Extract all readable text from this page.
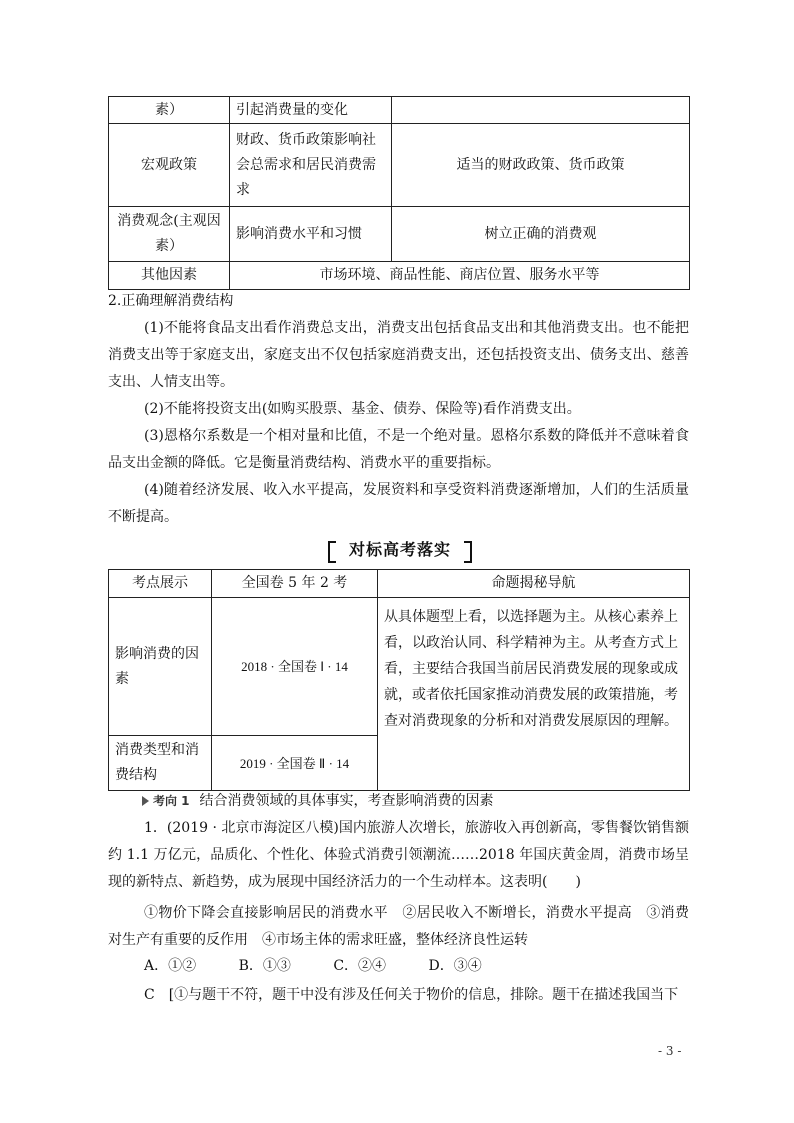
素）	引起消费量的变化	
宏观政策	财政、货币政策影响社会总需求和居民消费需求	适当的财政政策、货币政策
消费观念(主观因素）	影响消费水平和习惯	树立正确的消费观
其他因素	市场环境、商品性能、商店位置、服务水平等	
2.正确理解消费结构
(1)不能将食品支出看作消费总支出，消费支出包括食品支出和其他消费支出。也不能把消费支出等于家庭支出，家庭支出不仅包括家庭消费支出，还包括投资支出、债务支出、慈善支出、人情支出等。
(2)不能将投资支出(如购买股票、基金、债券、保险等)看作消费支出。
(3)恩格尔系数是一个相对量和比值，不是一个绝对量。恩格尔系数的降低并不意味着食品支出金额的降低。它是衡量消费结构、消费水平的重要指标。
(4)随着经济发展、收入水平提高，发展资料和享受资料消费逐渐增加，人们的生活质量不断提高。
对标高考落实
考点展示	全国卷 5 年 2 考	命题揭秘导航
影响消费的因素	2018 · 全国卷 Ⅰ · 14	从具体题型上看，以选择题为主。从核心素养上看，以政治认同、科学精神为主。从考查方式上看，主要结合我国当前居民消费发展的现象或成就，或者依托国家推动消费发展的政策措施，考查对消费现象的分析和对消费发展原因的理解。
消费类型和消费结构	2019 · 全国卷 Ⅱ · 14	
考向 1 结合消费领域的具体事实，考查影响消费的因素
1．(2019 · 北京市海淀区八模)国内旅游人次增长，旅游收入再创新高，零售餐饮销售额约 1.1 万亿元，品质化、个性化、体验式消费引领潮流……2018 年国庆黄金周，消费市场呈现的新特点、新趋势，成为展现中国经济活力的一个生动样本。这表明(　　)
①物价下降会直接影响居民的消费水平　②居民收入不断增长，消费水平提高　③消费对生产有重要的反作用　④市场主体的需求旺盛，整体经济良性运转
A．①②	B．①③	C．②④	D．③④
C　[①与题干不符，题干中没有涉及任何关于物价的信息，排除。题干在描述我国当下
- 3 -
